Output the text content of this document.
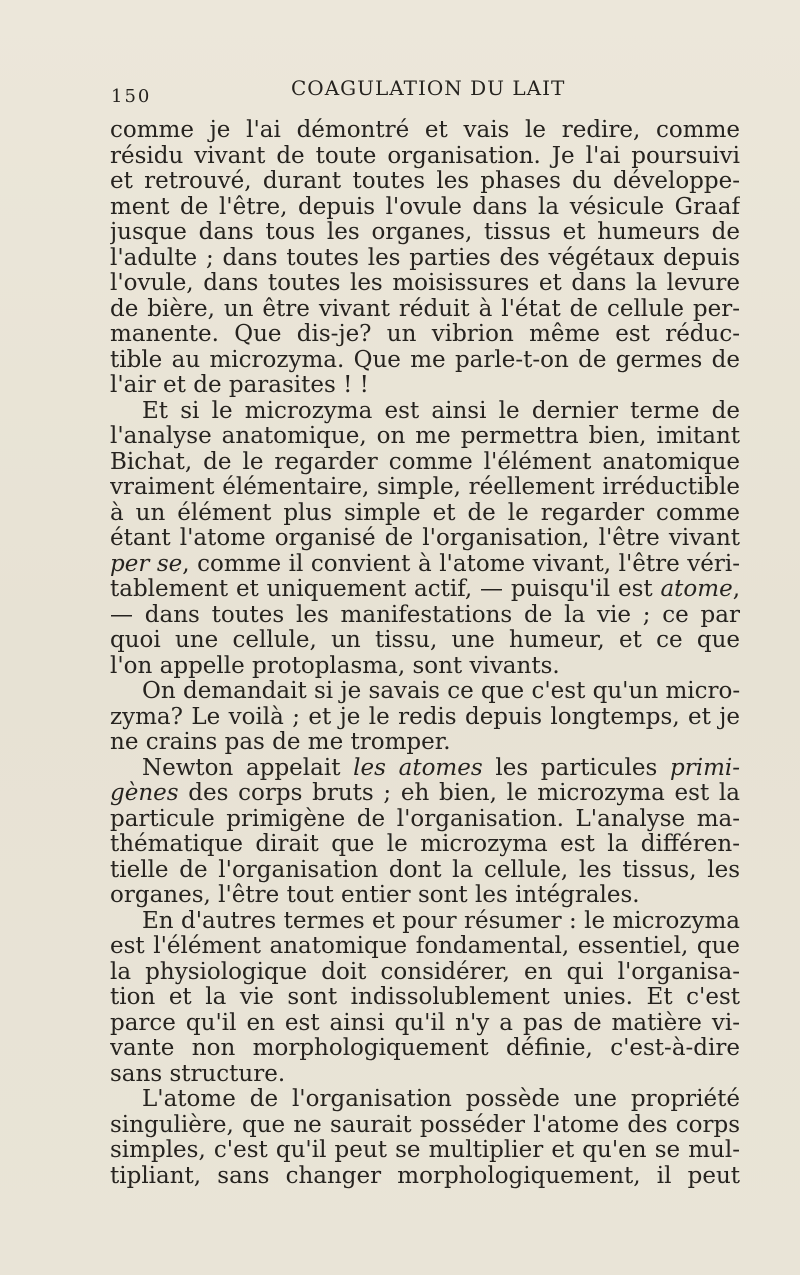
150	COAGULATION DU LAIT
comme je l'ai démontré et vais le redire, comme
résidu vivant de toute organisation. Je l'ai poursuivi
et retrouvé, durant toutes les phases du développe-
ment de l'être, depuis l'ovule dans la vésicule Graaf
jusque dans tous les organes, tissus et humeurs de
l'adulte ; dans toutes les parties des végétaux depuis
l'ovule, dans toutes les moisissures et dans la levure
de bière, un être vivant réduit à l'état de cellule per-
manente. Que dis-je? un vibrion même est réduc-
tible au microzyma. Que me parle-t-on de germes de
l'air et de parasites ! !
Et si le microzyma est ainsi le dernier terme de
l'analyse anatomique, on me permettra bien, imitant
Bichat, de le regarder comme l'élément anatomique
vraiment élémentaire, simple, réellement irréductible
à un élément plus simple et de le regarder comme
étant l'atome organisé de l'organisation, l'être vivant
per se, comme il convient à l'atome vivant, l'être véri-
tablement et uniquement actif, — puisqu'il est atome,
— dans toutes les manifestations de la vie ; ce par
quoi une cellule, un tissu, une humeur, et ce que
l'on appelle protoplasma, sont vivants.
On demandait si je savais ce que c'est qu'un micro-
zyma? Le voilà ; et je le redis depuis longtemps, et je
ne crains pas de me tromper.
Newton appelait les atomes les particules primi-
gènes des corps bruts ; eh bien, le microzyma est la
particule primigène de l'organisation. L'analyse ma-
thématique dirait que le microzyma est la différen-
tielle de l'organisation dont la cellule, les tissus, les
organes, l'être tout entier sont les intégrales.
En d'autres termes et pour résumer : le microzyma
est l'élément anatomique fondamental, essentiel, que
la physiologique doit considérer, en qui l'organisa-
tion et la vie sont indissolublement unies. Et c'est
parce qu'il en est ainsi qu'il n'y a pas de matière vi-
vante non morphologiquement définie, c'est-à-dire
sans structure.
L'atome de l'organisation possède une propriété
singulière, que ne saurait posséder l'atome des corps
simples, c'est qu'il peut se multiplier et qu'en se mul-
tipliant, sans changer morphologiquement, il peut
